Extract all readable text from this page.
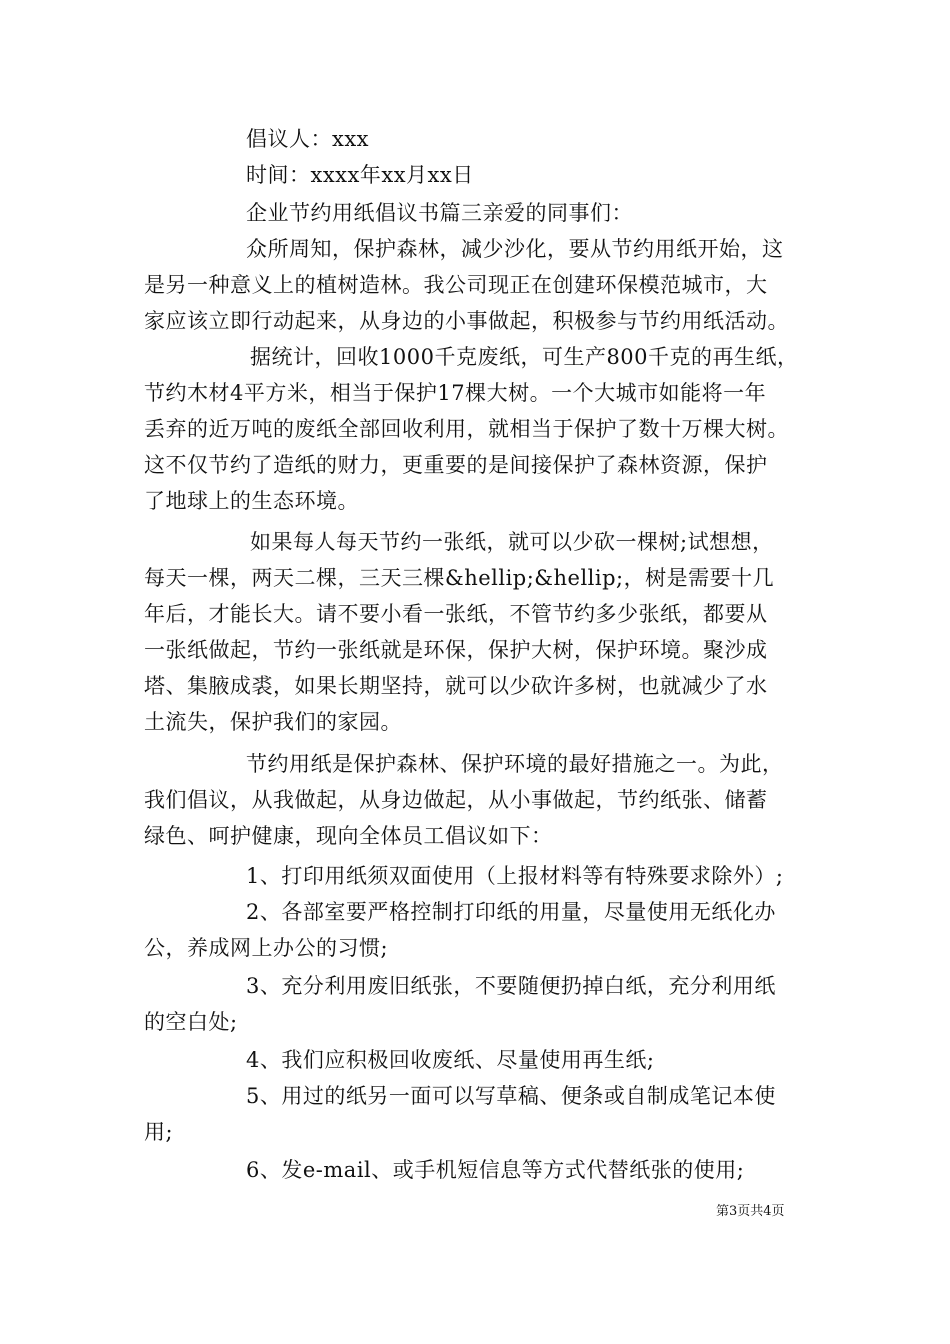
倡议人：xxx
时间：xxxx年xx月xx日
企业节约用纸倡议书篇三亲爱的同事们：
众所周知，保护森林，减少沙化，要从节约用纸开始，这
是另一种意义上的植树造林。我公司现正在创建环保模范城市，大
家应该立即行动起来，从身边的小事做起，积极参与节约用纸活动。
据统计，回收1000千克废纸，可生产800千克的再生纸，
节约木材4平方米，相当于保护17棵大树。一个大城市如能将一年
丢弃的近万吨的废纸全部回收利用，就相当于保护了数十万棵大树。
这不仅节约了造纸的财力，更重要的是间接保护了森林资源，保护
了地球上的生态环境。
如果每人每天节约一张纸，就可以少砍一棵树;试想想，
每天一棵，两天二棵，三天三棵&hellip;&hellip;，树是需要十几
年后，才能长大。请不要小看一张纸，不管节约多少张纸，都要从
一张纸做起，节约一张纸就是环保，保护大树，保护环境。聚沙成
塔、集腋成裘，如果长期坚持，就可以少砍许多树，也就减少了水
土流失，保护我们的家园。
节约用纸是保护森林、保护环境的最好措施之一。为此，
我们倡议，从我做起，从身边做起，从小事做起，节约纸张、储蓄
绿色、呵护健康，现向全体员工倡议如下：
1、打印用纸须双面使用（上报材料等有特殊要求除外）;
2、各部室要严格控制打印纸的用量，尽量使用无纸化办
公，养成网上办公的习惯;
3、充分利用废旧纸张，不要随便扔掉白纸，充分利用纸
的空白处;
4、我们应积极回收废纸、尽量使用再生纸;
5、用过的纸另一面可以写草稿、便条或自制成笔记本使
用;
6、发e-mail、或手机短信息等方式代替纸张的使用;
第3页共4页
